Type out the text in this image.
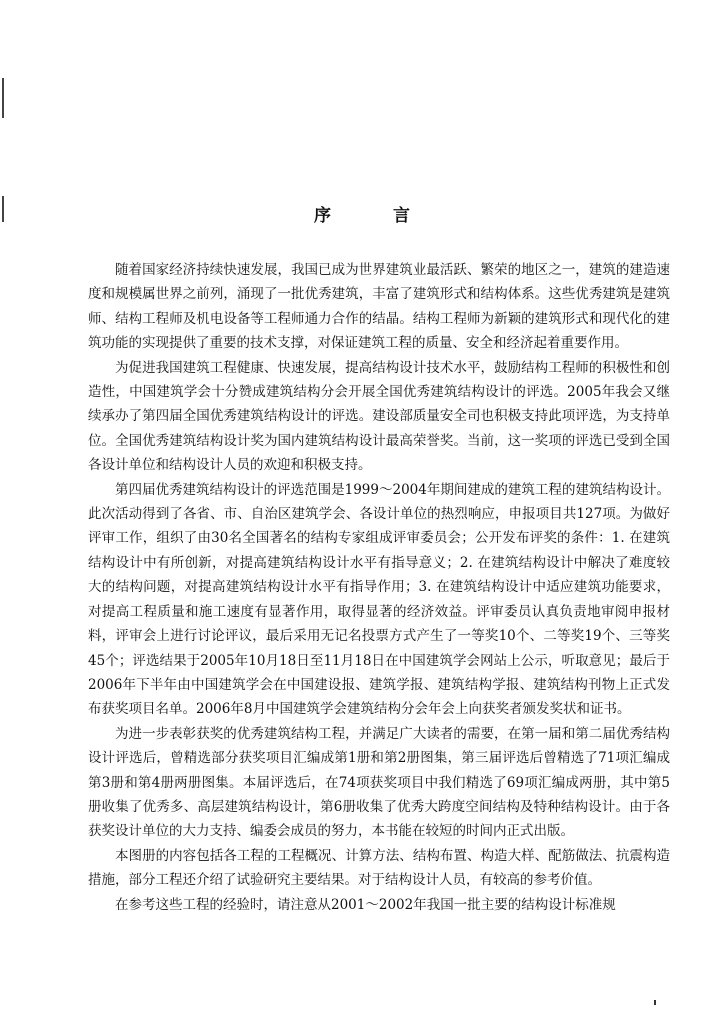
序 言

随着国家经济持续快速发展，我国已成为世界建筑业最活跃、繁荣的地区之一，建筑的建造速度和规模属世界之前列，涌现了一批优秀建筑，丰富了建筑形式和结构体系。这些优秀建筑是建筑师、结构工程师及机电设备等工程师通力合作的结晶。结构工程师为新颖的建筑形式和现代化的建筑功能的实现提供了重要的技术支撑，对保证建筑工程的质量、安全和经济起着重要作用。

为促进我国建筑工程健康、快速发展，提高结构设计技术水平，鼓励结构工程师的积极性和创造性，中国建筑学会十分赞成建筑结构分会开展全国优秀建筑结构设计的评选。2005年我会又继续承办了第四届全国优秀建筑结构设计的评选。建设部质量安全司也积极支持此项评选，为支持单位。全国优秀建筑结构设计奖为国内建筑结构设计最高荣誉奖。当前，这一奖项的评选已受到全国各设计单位和结构设计人员的欢迎和积极支持。

第四届优秀建筑结构设计的评选范围是1999～2004年期间建成的建筑工程的建筑结构设计。此次活动得到了各省、市、自治区建筑学会、各设计单位的热烈响应，申报项目共127项。为做好评审工作，组织了由30名全国著名的结构专家组成评审委员会；公开发布评奖的条件：1. 在建筑结构设计中有所创新，对提高建筑结构设计水平有指导意义；2. 在建筑结构设计中解决了难度较大的结构问题，对提高建筑结构设计水平有指导作用；3. 在建筑结构设计中适应建筑功能要求，对提高工程质量和施工速度有显著作用，取得显著的经济效益。评审委员认真负责地审阅申报材料，评审会上进行讨论评议，最后采用无记名投票方式产生了一等奖10个、二等奖19个、三等奖45个；评选结果于2005年10月18日至11月18日在中国建筑学会网站上公示，听取意见；最后于2006年下半年由中国建筑学会在中国建设报、建筑学报、建筑结构学报、建筑结构刊物上正式发布获奖项目名单。2006年8月中国建筑学会建筑结构分会年会上向获奖者颁发奖状和证书。

为进一步表彰获奖的优秀建筑结构工程，并满足广大读者的需要，在第一届和第二届优秀结构设计评选后，曾精选部分获奖项目汇编成第1册和第2册图集，第三届评选后曾精选了71项汇编成第3册和第4册两册图集。本届评选后，在74项获奖项目中我们精选了69项汇编成两册，其中第5册收集了优秀多、高层建筑结构设计，第6册收集了优秀大跨度空间结构及特种结构设计。由于各获奖设计单位的大力支持、编委会成员的努力，本书能在较短的时间内正式出版。

本图册的内容包括各工程的工程概况、计算方法、结构布置、构造大样、配筋做法、抗震构造措施，部分工程还介绍了试验研究主要结果。对于结构设计人员，有较高的参考价值。

在参考这些工程的经验时，请注意从2001～2002年我国一批主要的结构设计标准规
